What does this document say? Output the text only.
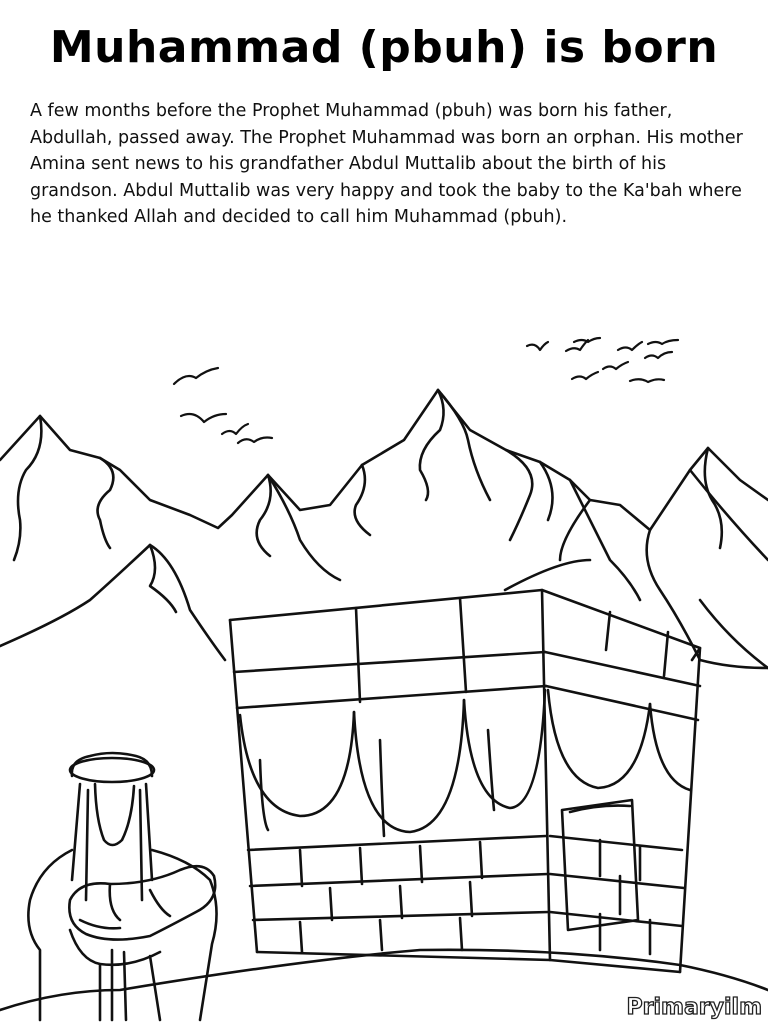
Muhammad (pbuh) is born

A few months before the Prophet Muhammad (pbuh) was born his father, Abdullah, passed away. The Prophet Muhammad was born an orphan. His mother Amina sent news to his grandfather Abdul Muttalib about the birth of his grandson. Abdul Muttalib was very happy and took the baby to the Ka'bah where he thanked Allah and decided to call him Muhammad (pbuh).

Primaryilm
